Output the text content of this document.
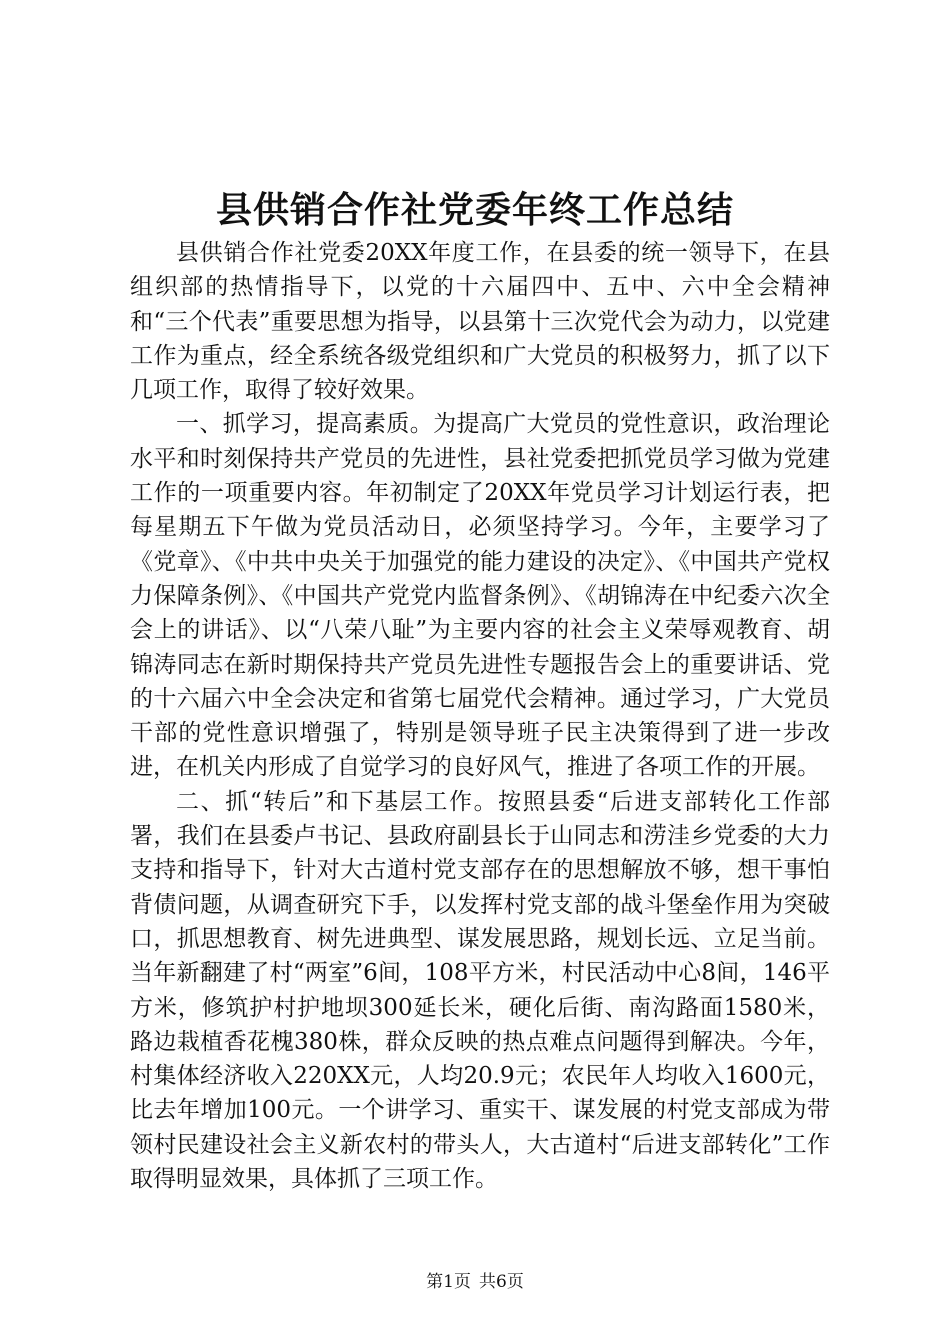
县供销合作社党委年终工作总结

县供销合作社党委20XX年度工作，在县委的统一领导下，在县组织部的热情指导下，以党的十六届四中、五中、六中全会精神和“三个代表”重要思想为指导，以县第十三次党代会为动力，以党建工作为重点，经全系统各级党组织和广大党员的积极努力，抓了以下几项工作，取得了较好效果。

一、抓学习，提高素质。为提高广大党员的党性意识，政治理论水平和时刻保持共产党员的先进性，县社党委把抓党员学习做为党建工作的一项重要内容。年初制定了20XX年党员学习计划运行表，把每星期五下午做为党员活动日，必须坚持学习。今年，主要学习了《党章》、《中共中央关于加强党的能力建设的决定》、《中国共产党权力保障条例》、《中国共产党党内监督条例》、《胡锦涛在中纪委六次全会上的讲话》、以“八荣八耻”为主要内容的社会主义荣辱观教育、胡锦涛同志在新时期保持共产党员先进性专题报告会上的重要讲话、党的十六届六中全会决定和省第七届党代会精神。通过学习，广大党员干部的党性意识增强了，特别是领导班子民主决策得到了进一步改进，在机关内形成了自觉学习的良好风气，推进了各项工作的开展。

二、抓“转后”和下基层工作。按照县委“后进支部转化工作部署，我们在县委卢书记、县政府副县长于山同志和涝洼乡党委的大力支持和指导下，针对大古道村党支部存在的思想解放不够，想干事怕背债问题，从调查研究下手，以发挥村党支部的战斗堡垒作用为突破口，抓思想教育、树先进典型、谋发展思路，规划长远、立足当前。当年新翻建了村“两室”6间，108平方米，村民活动中心8间，146平方米，修筑护村护地坝300延长米，硬化后街、南沟路面1580米，路边栽植香花槐380株，群众反映的热点难点问题得到解决。今年，村集体经济收入220XX元，人均20.9元；农民年人均收入1600元，比去年增加100元。一个讲学习、重实干、谋发展的村党支部成为带领村民建设社会主义新农村的带头人，大古道村“后进支部转化”工作取得明显效果，具体抓了三项工作。

第1页 共6页
